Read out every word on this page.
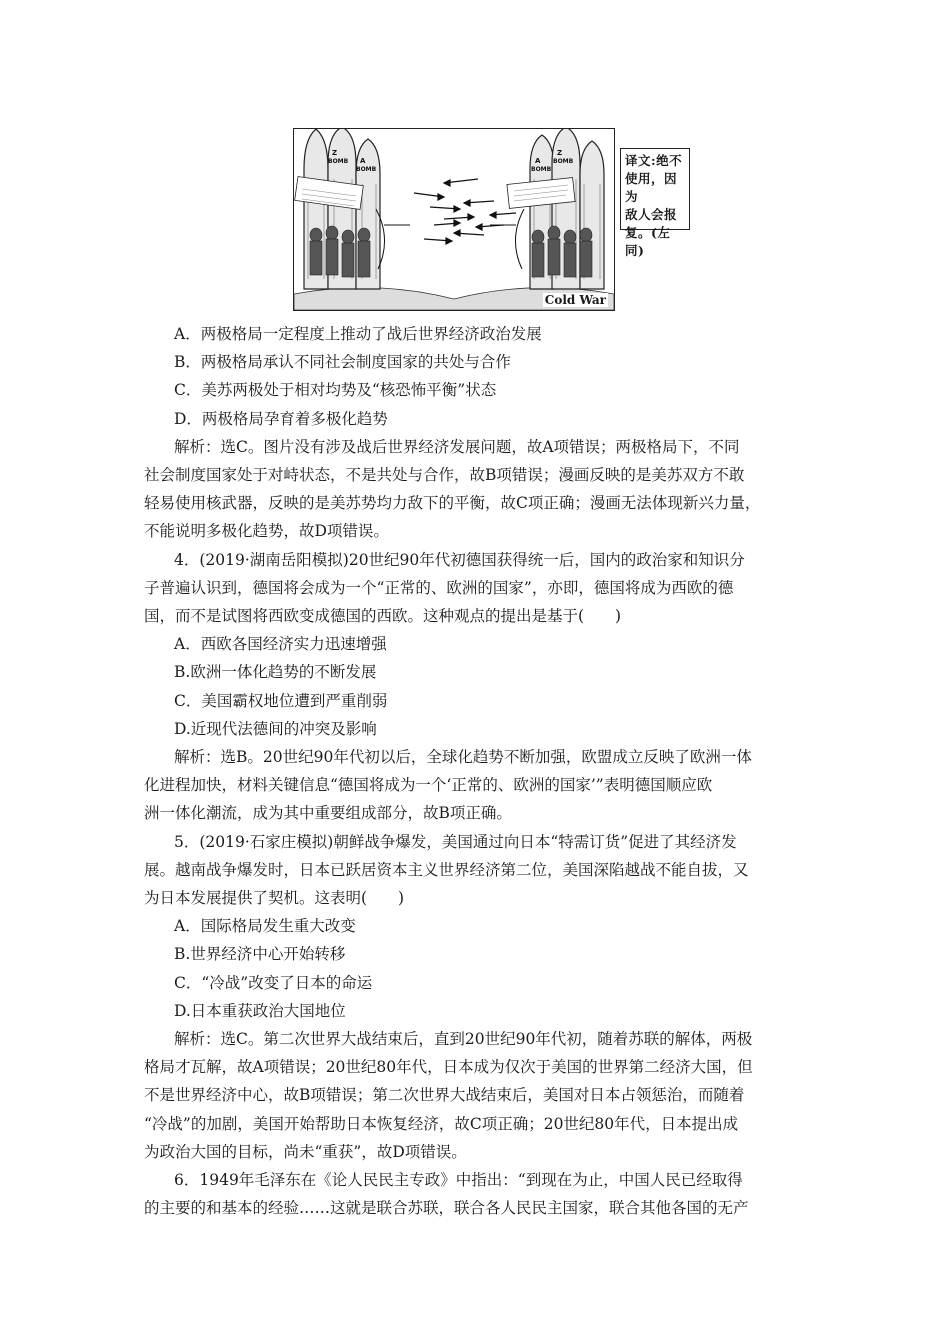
Z
BOMB A
BOMB
Z
BOMB
A
BOMB
译文:绝不
使用，因为
敌人会报
复。(左同)
Cold War

A．两极格局一定程度上推动了战后世界经济政治发展

B．两极格局承认不同社会制度国家的共处与合作

C．美苏两极处于相对均势及“核恐怖平衡”状态

D．两极格局孕育着多极化趋势

解析：选C。图片没有涉及战后世界经济发展问题，故A项错误；两极格局下，不同

社会制度国家处于对峙状态，不是共处与合作，故B项错误；漫画反映的是美苏双方不敢

轻易使用核武器，反映的是美苏势均力敌下的平衡，故C项正确；漫画无法体现新兴力量，

不能说明多极化趋势，故D项错误。

4．(2019·湖南岳阳模拟)20世纪90年代初德国获得统一后，国内的政治家和知识分

子普遍认识到，德国将会成为一个“正常的、欧洲的国家”，亦即，德国将成为西欧的德

国，而不是试图将西欧变成德国的西欧。这种观点的提出是基于(　　)

A．西欧各国经济实力迅速增强

B.欧洲一体化趋势的不断发展

C．美国霸权地位遭到严重削弱

D.近现代法德间的冲突及影响

解析：选B。20世纪90年代初以后，全球化趋势不断加强，欧盟成立反映了欧洲一体

化进程加快，材料关键信息“德国将成为一个‘正常的、欧洲的国家’”表明德国顺应欧

洲一体化潮流，成为其中重要组成部分，故B项正确。

5．(2019·石家庄模拟)朝鲜战争爆发，美国通过向日本“特需订货”促进了其经济发

展。越南战争爆发时，日本已跃居资本主义世界经济第二位，美国深陷越战不能自拔，又

为日本发展提供了契机。这表明(　　)

A．国际格局发生重大改变

B.世界经济中心开始转移

C．“冷战”改变了日本的命运

D.日本重获政治大国地位

解析：选C。第二次世界大战结束后，直到20世纪90年代初，随着苏联的解体，两极

格局才瓦解，故A项错误；20世纪80年代，日本成为仅次于美国的世界第二经济大国，但

不是世界经济中心，故B项错误；第二次世界大战结束后，美国对日本占领惩治，而随着

“冷战”的加剧，美国开始帮助日本恢复经济，故C项正确；20世纪80年代，日本提出成

为政治大国的目标，尚未“重获”，故D项错误。

6．1949年毛泽东在《论人民民主专政》中指出：“到现在为止，中国人民已经取得

的主要的和基本的经验……这就是联合苏联，联合各人民民主国家，联合其他各国的无产
